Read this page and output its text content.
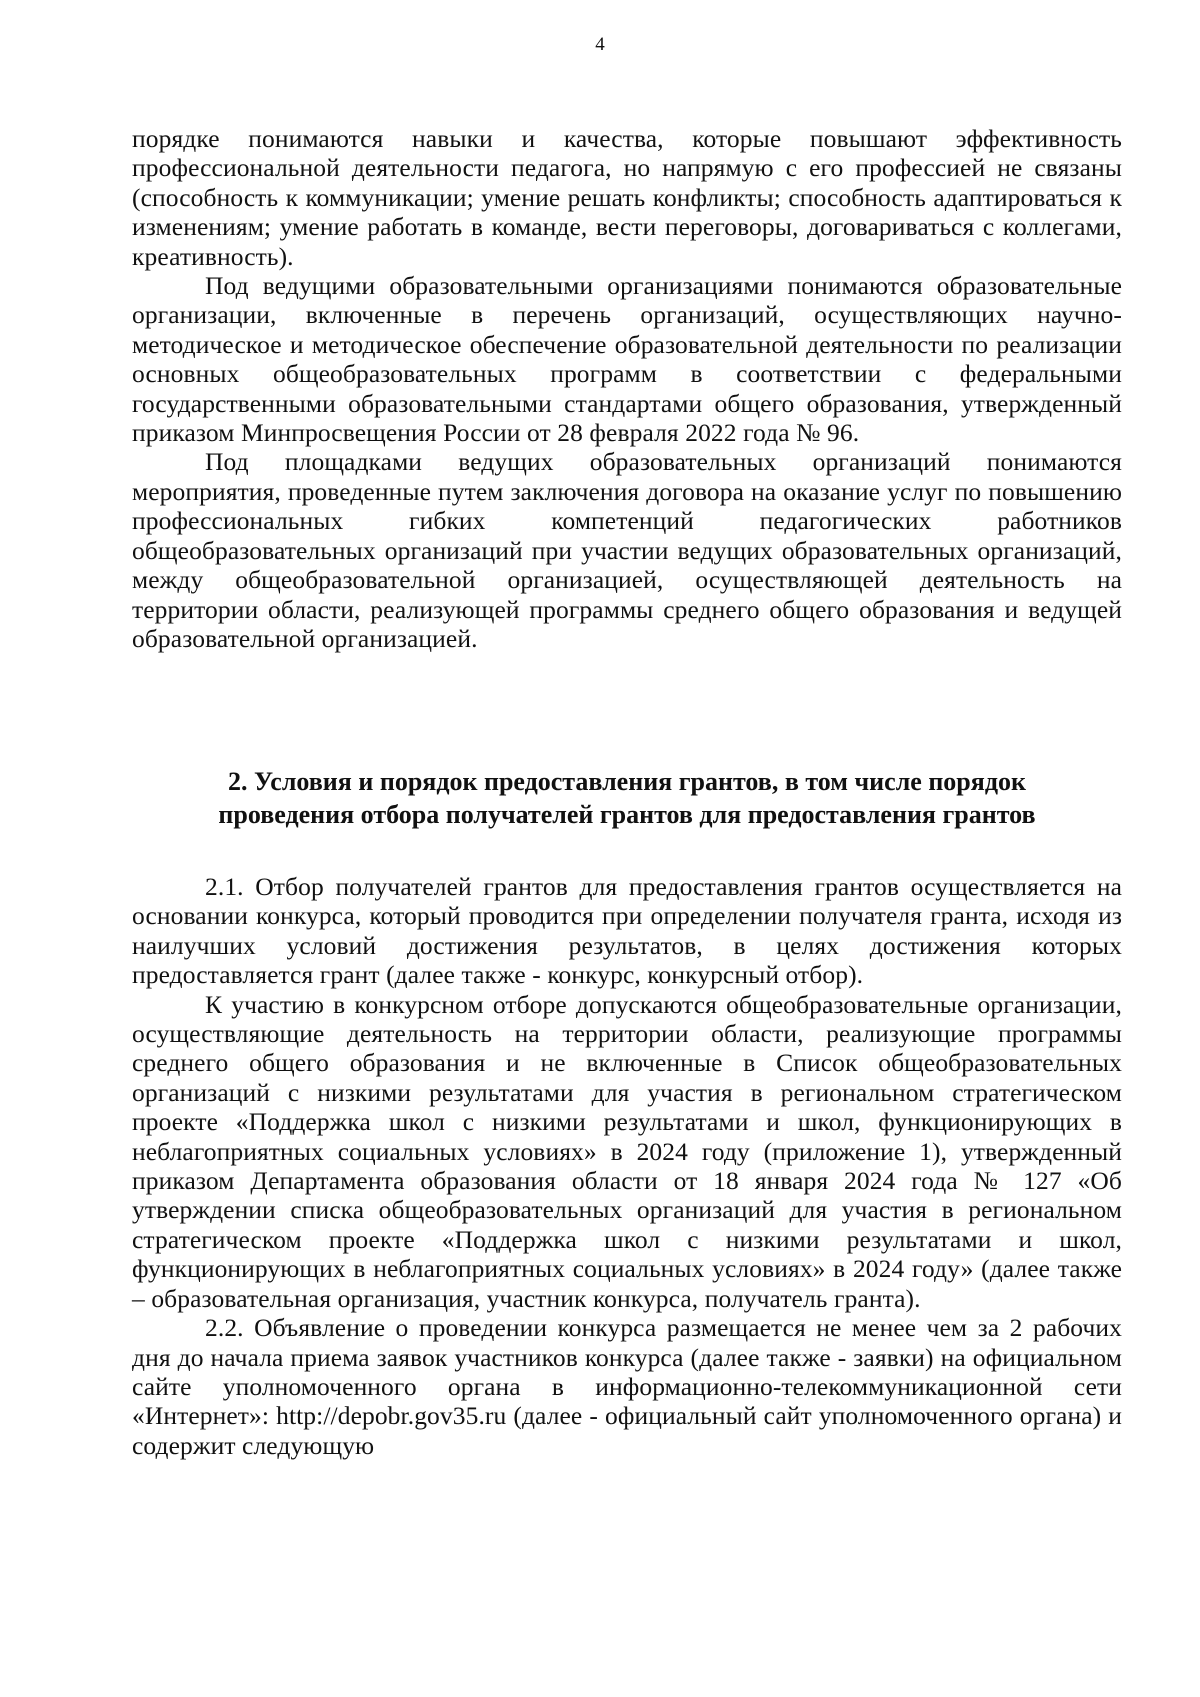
4

порядке понимаются навыки и качества, которые повышают эффективность профессиональной деятельности педагога, но напрямую с его профессией не связаны (способность к коммуникации; умение решать конфликты; способность адаптироваться к изменениям; умение работать в команде, вести переговоры, договариваться с коллегами, креативность).

Под ведущими образовательными организациями понимаются образовательные организации, включенные в перечень организаций, осуществляющих научно-методическое и методическое обеспечение образовательной деятельности по реализации основных общеобразовательных программ в соответствии с федеральными государственными образовательными стандартами общего образования, утвержденный приказом Минпросвещения России от 28 февраля 2022 года № 96.

Под площадками ведущих образовательных организаций понимаются мероприятия, проведенные путем заключения договора на оказание услуг по повышению профессиональных гибких компетенций педагогических работников общеобразовательных организаций при участии ведущих образовательных организаций, между общеобразовательной организацией, осуществляющей деятельность на территории области, реализующей программы среднего общего образования и ведущей образовательной организацией.

2. Условия и порядок предоставления грантов, в том числе порядок

проведения отбора получателей грантов для предоставления грантов

2.1. Отбор получателей грантов для предоставления грантов осуществляется на основании конкурса, который проводится при определении получателя гранта, исходя из наилучших условий достижения результатов, в целях достижения которых предоставляется грант (далее также - конкурс, конкурсный отбор).

К участию в конкурсном отборе допускаются общеобразовательные организации, осуществляющие деятельность на территории области, реализующие программы среднего общего образования и не включенные в Список общеобразовательных организаций с низкими результатами для участия в региональном стратегическом проекте «Поддержка школ с низкими результатами и школ, функционирующих в неблагоприятных социальных условиях» в 2024 году (приложение 1), утвержденный приказом Департамента образования области от 18 января 2024 года № 127 «Об утверждении списка общеобразовательных организаций для участия в региональном стратегическом проекте «Поддержка школ с низкими результатами и школ, функционирующих в неблагоприятных социальных условиях» в 2024 году» (далее также – образовательная организация, участник конкурса, получатель гранта).

2.2. Объявление о проведении конкурса размещается не менее чем за 2 рабочих дня до начала приема заявок участников конкурса (далее также - заявки) на официальном сайте уполномоченного органа в информационно-телекоммуникационной сети «Интернет»: http://depobr.gov35.ru (далее - официальный сайт уполномоченного органа) и содержит следующую
